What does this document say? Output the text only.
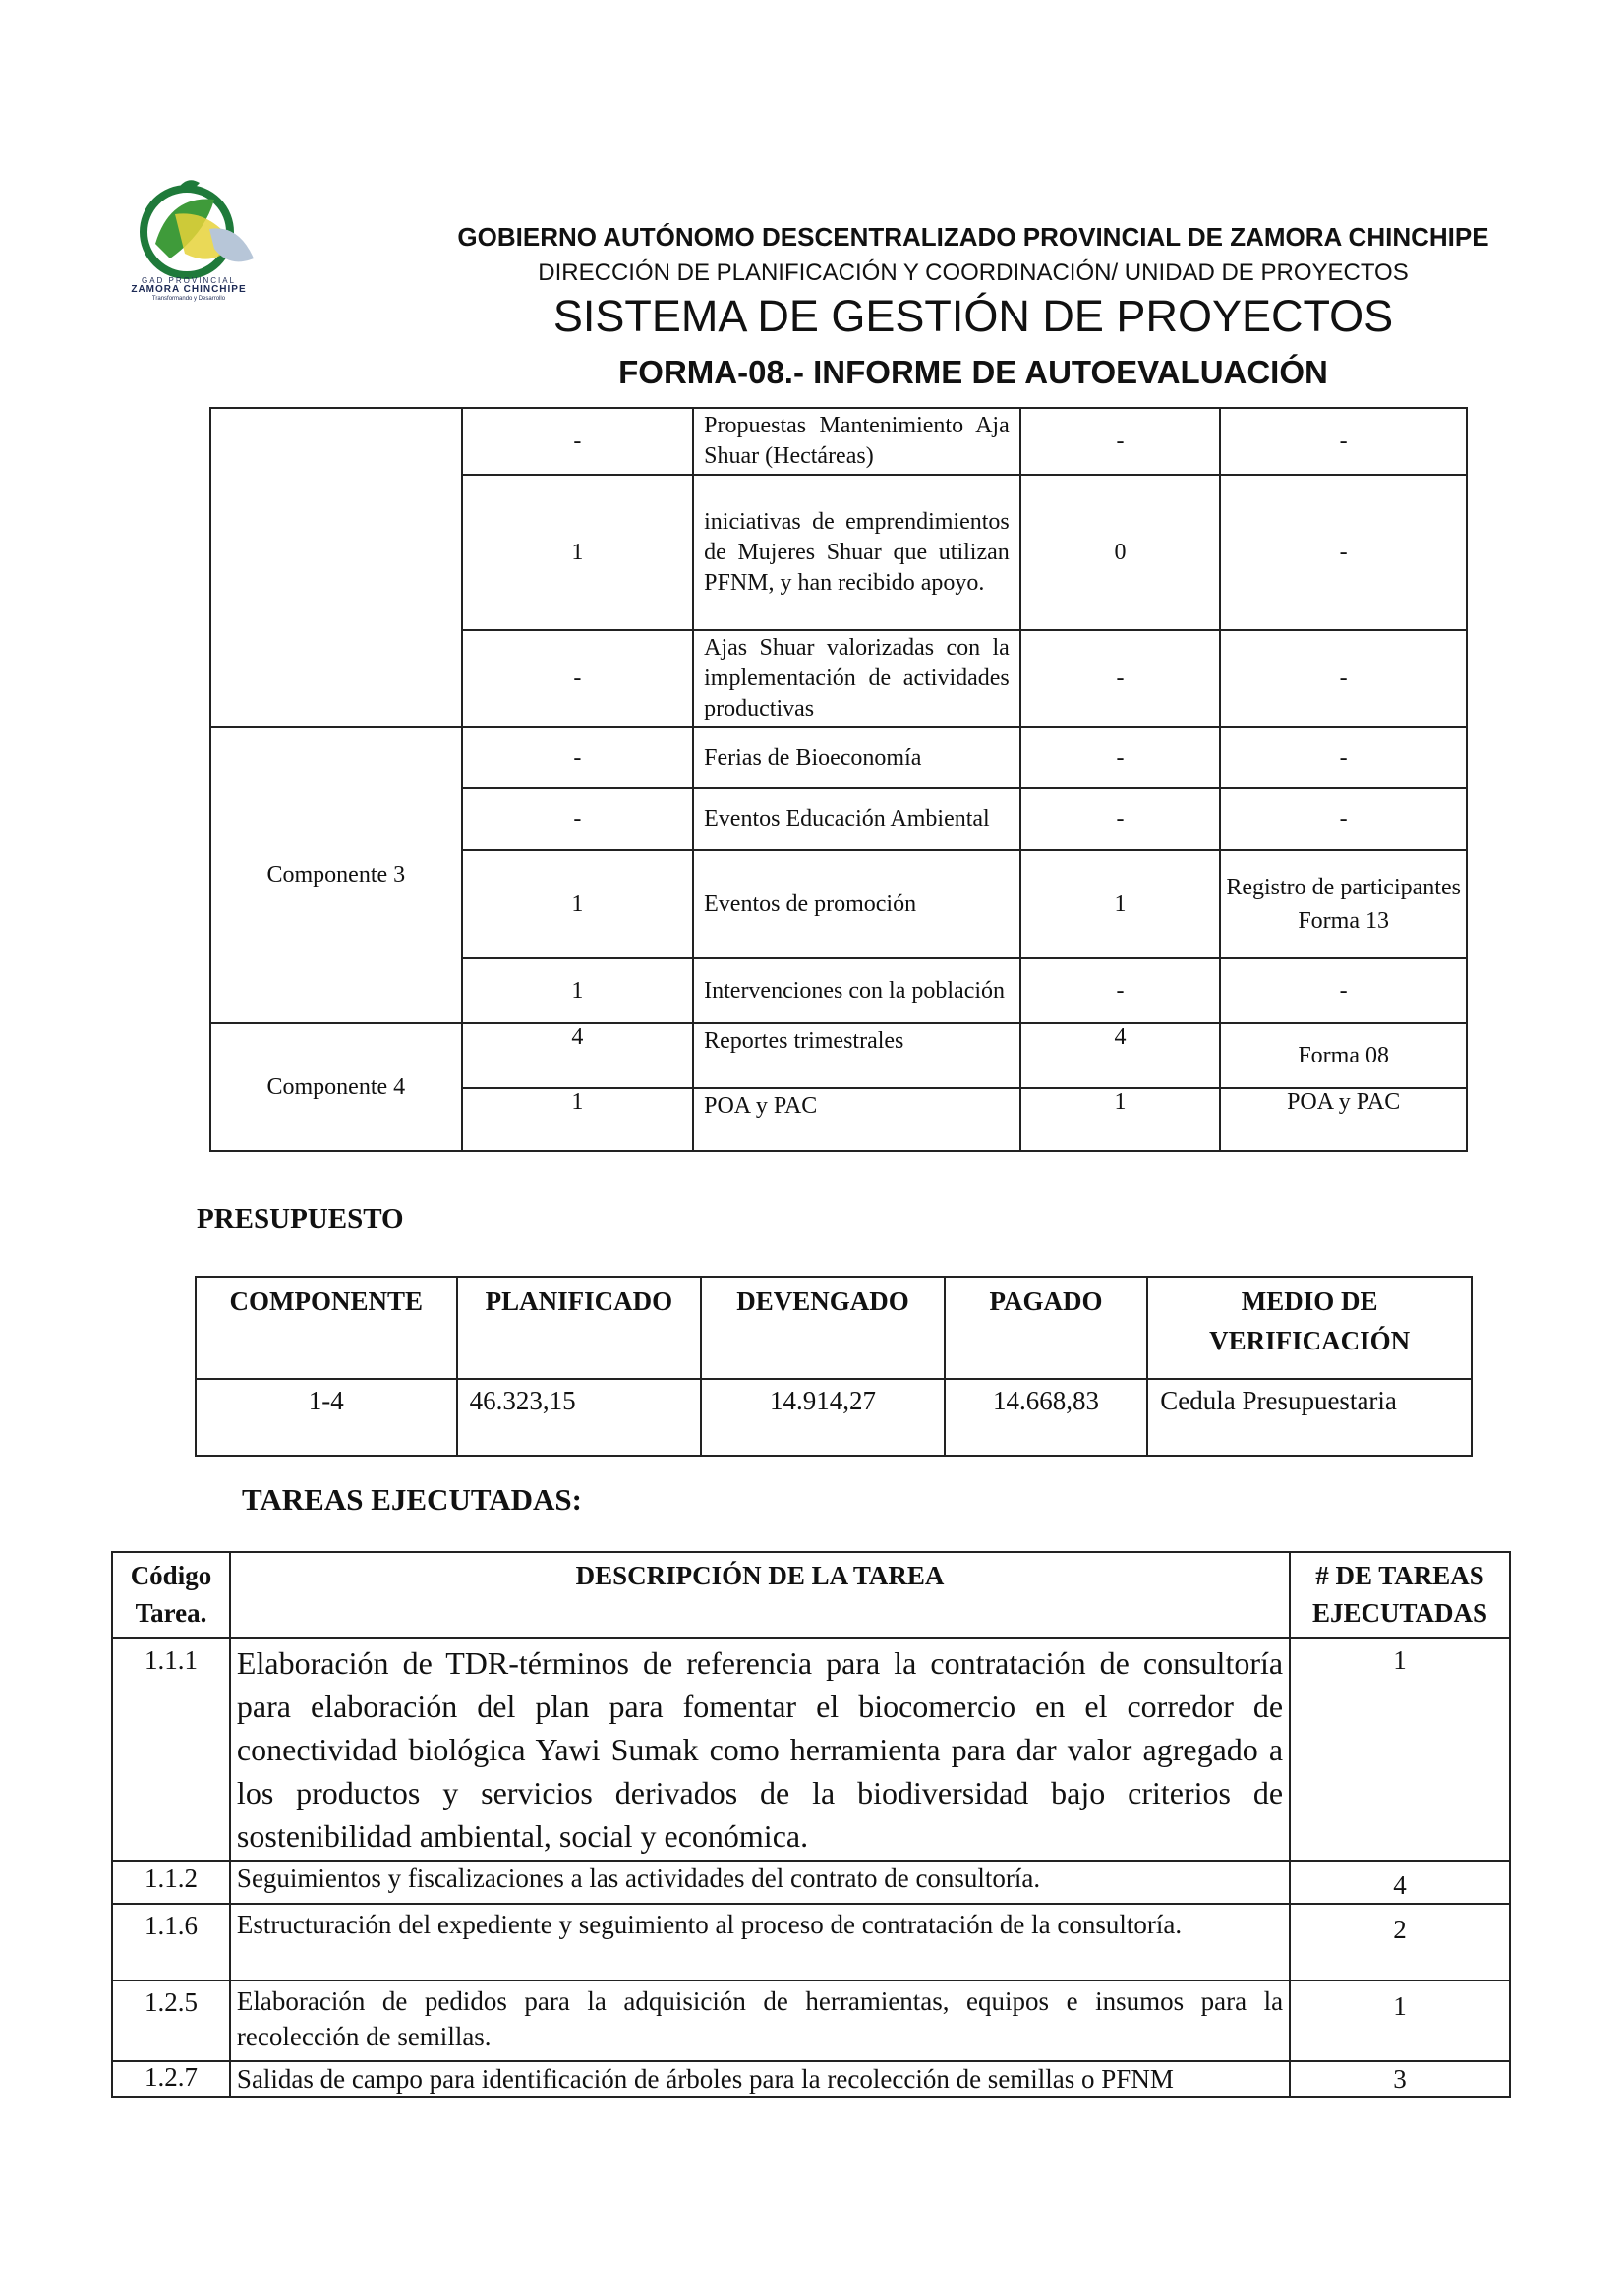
GAD PROVINCIAL
ZAMORA CHINCHIPE
Transformando y Desarrollo
GOBIERNO AUTÓNOMO DESCENTRALIZADO PROVINCIAL DE ZAMORA CHINCHIPE
DIRECCIÓN DE PLANIFICACIÓN Y COORDINACIÓN/ UNIDAD DE PROYECTOS
SISTEMA DE GESTIÓN DE PROYECTOS
FORMA-08.- INFORME DE AUTOEVALUACIÓN
	-	Propuestas Mantenimiento Aja Shuar (Hectáreas)	-	-
	1	iniciativas de emprendimientos de Mujeres Shuar que utilizan PFNM, y han recibido apoyo.	0	-
	-	Ajas Shuar valorizadas con la implementación de actividades productivas	-	-
Componente 3	-	Ferias de Bioeconomía	-	-
	-	Eventos Educación Ambiental	-	-
	1	Eventos de promoción	1	Registro de participantes Forma 13
	1	Intervenciones con la población	-	-
Componente 4	4	Reportes trimestrales	4	Forma 08
	1	POA y PAC	1	POA y PAC
PRESUPUESTO
COMPONENTE	PLANIFICADO	DEVENGADO	PAGADO	MEDIO DE VERIFICACIÓN
1-4	46.323,15	14.914,27	14.668,83	Cedula Presupuestaria
TAREAS EJECUTADAS:
Código Tarea.	DESCRIPCIÓN DE LA TAREA	# DE TAREAS EJECUTADAS
1.1.1	Elaboración de TDR-términos de referencia para la contratación de consultoría para elaboración del plan para fomentar el biocomercio en el corredor de conectividad biológica Yawi Sumak como herramienta para dar valor agregado a los productos y servicios derivados de la biodiversidad bajo criterios de sostenibilidad ambiental, social y económica.	1
1.1.2	Seguimientos y fiscalizaciones a las actividades del contrato de consultoría.	4
1.1.6	Estructuración del expediente y seguimiento al proceso de contratación de la consultoría.	2
1.2.5	Elaboración de pedidos para la adquisición de herramientas, equipos e insumos para la recolección de semillas.	1
1.2.7	Salidas de campo para identificación de árboles para la recolección de semillas o PFNM	3
